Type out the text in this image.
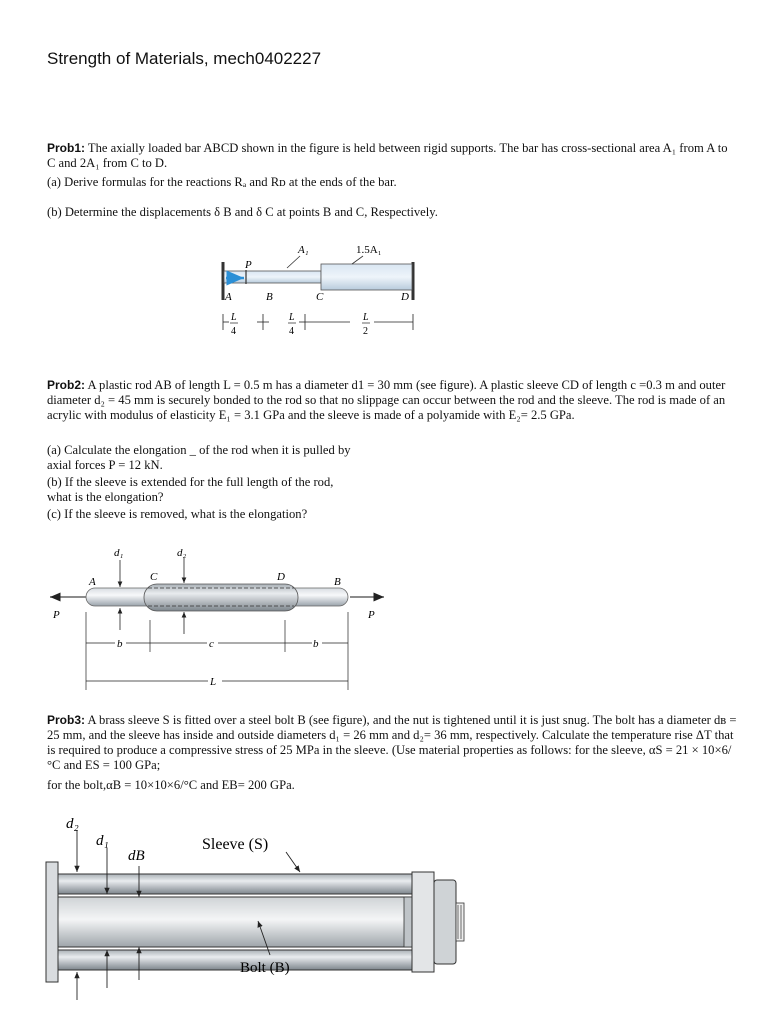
Strength of Materials, mech0402227
Prob1: The axially loaded bar ABCD shown in the figure is held between rigid supports. The bar has cross-sectional area A₁ from A to C and 2A₁ from C to D.
(a) Derive formulas for the reactions Rₐ and Rᴅ at the ends of the bar.
(b) Determine the displacements δ B and δ C at points B and C, Respectively.
Prob2: A plastic rod AB of length L = 0.5 m has a diameter d1 = 30 mm (see figure). A plastic sleeve CD of length c =0.3 m and outer diameter d₂ = 45 mm is securely bonded to the rod so that no slippage can occur between the rod and the sleeve. The rod is made of an acrylic with modulus of elasticity E₁ = 3.1 GPa and the sleeve is made of a polyamide with E₂= 2.5 GPa.
(a) Calculate the elongation _ of the rod when it is pulled by
axial forces P = 12 kN.
(b) If the sleeve is extended for the full length of the rod,
what is the elongation?
(c) If the sleeve is removed, what is the elongation?
Prob3: A brass sleeve S is fitted over a steel bolt B (see figure), and the nut is tightened until it is just snug. The bolt has a diameter dʙ = 25 mm, and the sleeve has inside and outside diameters d₁ = 26 mm and d₂= 36 mm, respectively. Calculate the temperature rise ΔT that is required to produce a compressive stress of 25 MPa in the sleeve. (Use material properties as follows: for the sleeve, αS = 21 × 10×6/°C and ES = 100 GPa;
for the bolt,αB = 10×10×6/°C and EB= 200 GPa.
P
A₁	1.5A₁
A	B	C	D
L
4
L
4
L
2
d₁	d₂
A	C	D	B
P	P
b	c	b
L
d₂
d₁
dB
Sleeve (S)
Bolt (B)
